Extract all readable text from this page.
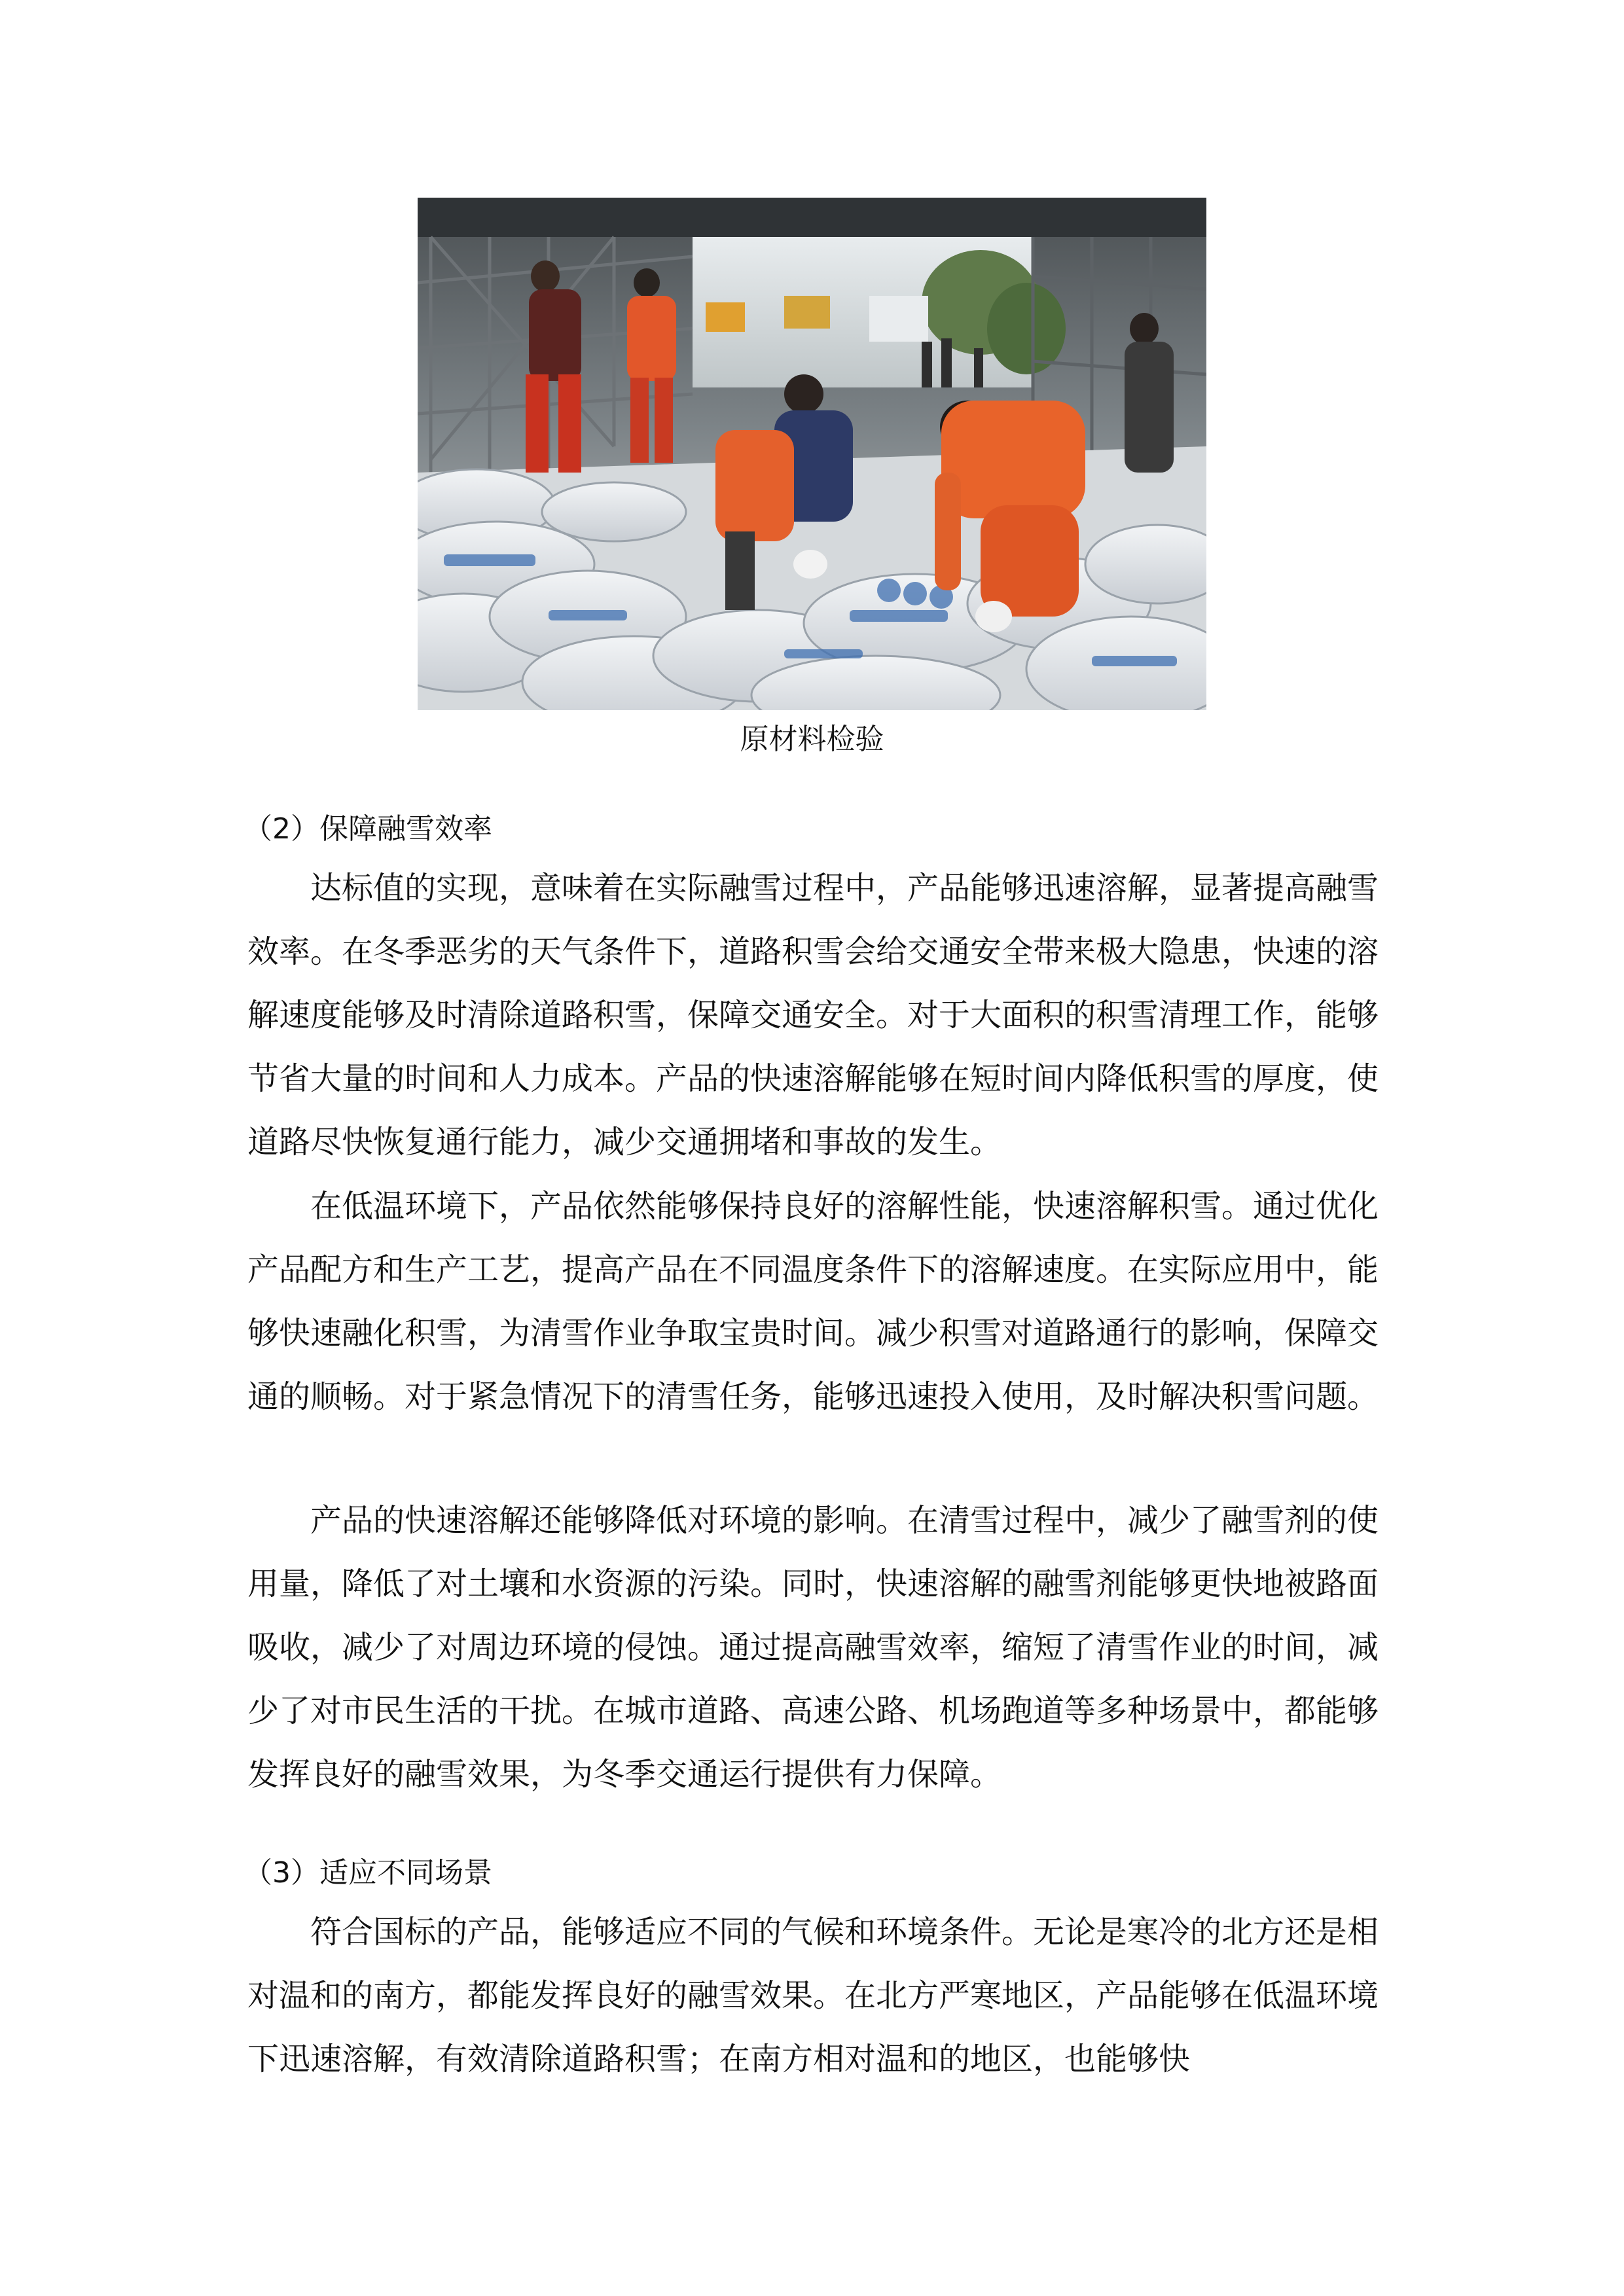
原材料检验
（2）保障融雪效率

达标值的实现，意味着在实际融雪过程中，产品能够迅速溶解，显著提高融雪效率。在冬季恶劣的天气条件下，道路积雪会给交通安全带来极大隐患，快速的溶解速度能够及时清除道路积雪，保障交通安全。对于大面积的积雪清理工作，能够节省大量的时间和人力成本。产品的快速溶解能够在短时间内降低积雪的厚度，使道路尽快恢复通行能力，减少交通拥堵和事故的发生。

在低温环境下，产品依然能够保持良好的溶解性能，快速溶解积雪。通过优化产品配方和生产工艺，提高产品在不同温度条件下的溶解速度。在实际应用中，能够快速融化积雪，为清雪作业争取宝贵时间。减少积雪对道路通行的影响，保障交通的顺畅。对于紧急情况下的清雪任务，能够迅速投入使用，及时解决积雪问题。

产品的快速溶解还能够降低对环境的影响。在清雪过程中，减少了融雪剂的使用量，降低了对土壤和水资源的污染。同时，快速溶解的融雪剂能够更快地被路面吸收，减少了对周边环境的侵蚀。通过提高融雪效率，缩短了清雪作业的时间，减少了对市民生活的干扰。在城市道路、高速公路、机场跑道等多种场景中，都能够发挥良好的融雪效果，为冬季交通运行提供有力保障。

（3）适应不同场景

符合国标的产品，能够适应不同的气候和环境条件。无论是寒冷的北方还是相对温和的南方，都能发挥良好的融雪效果。在北方严寒地区，产品能够在低温环境下迅速溶解，有效清除道路积雪；在南方相对温和的地区，也能够快
